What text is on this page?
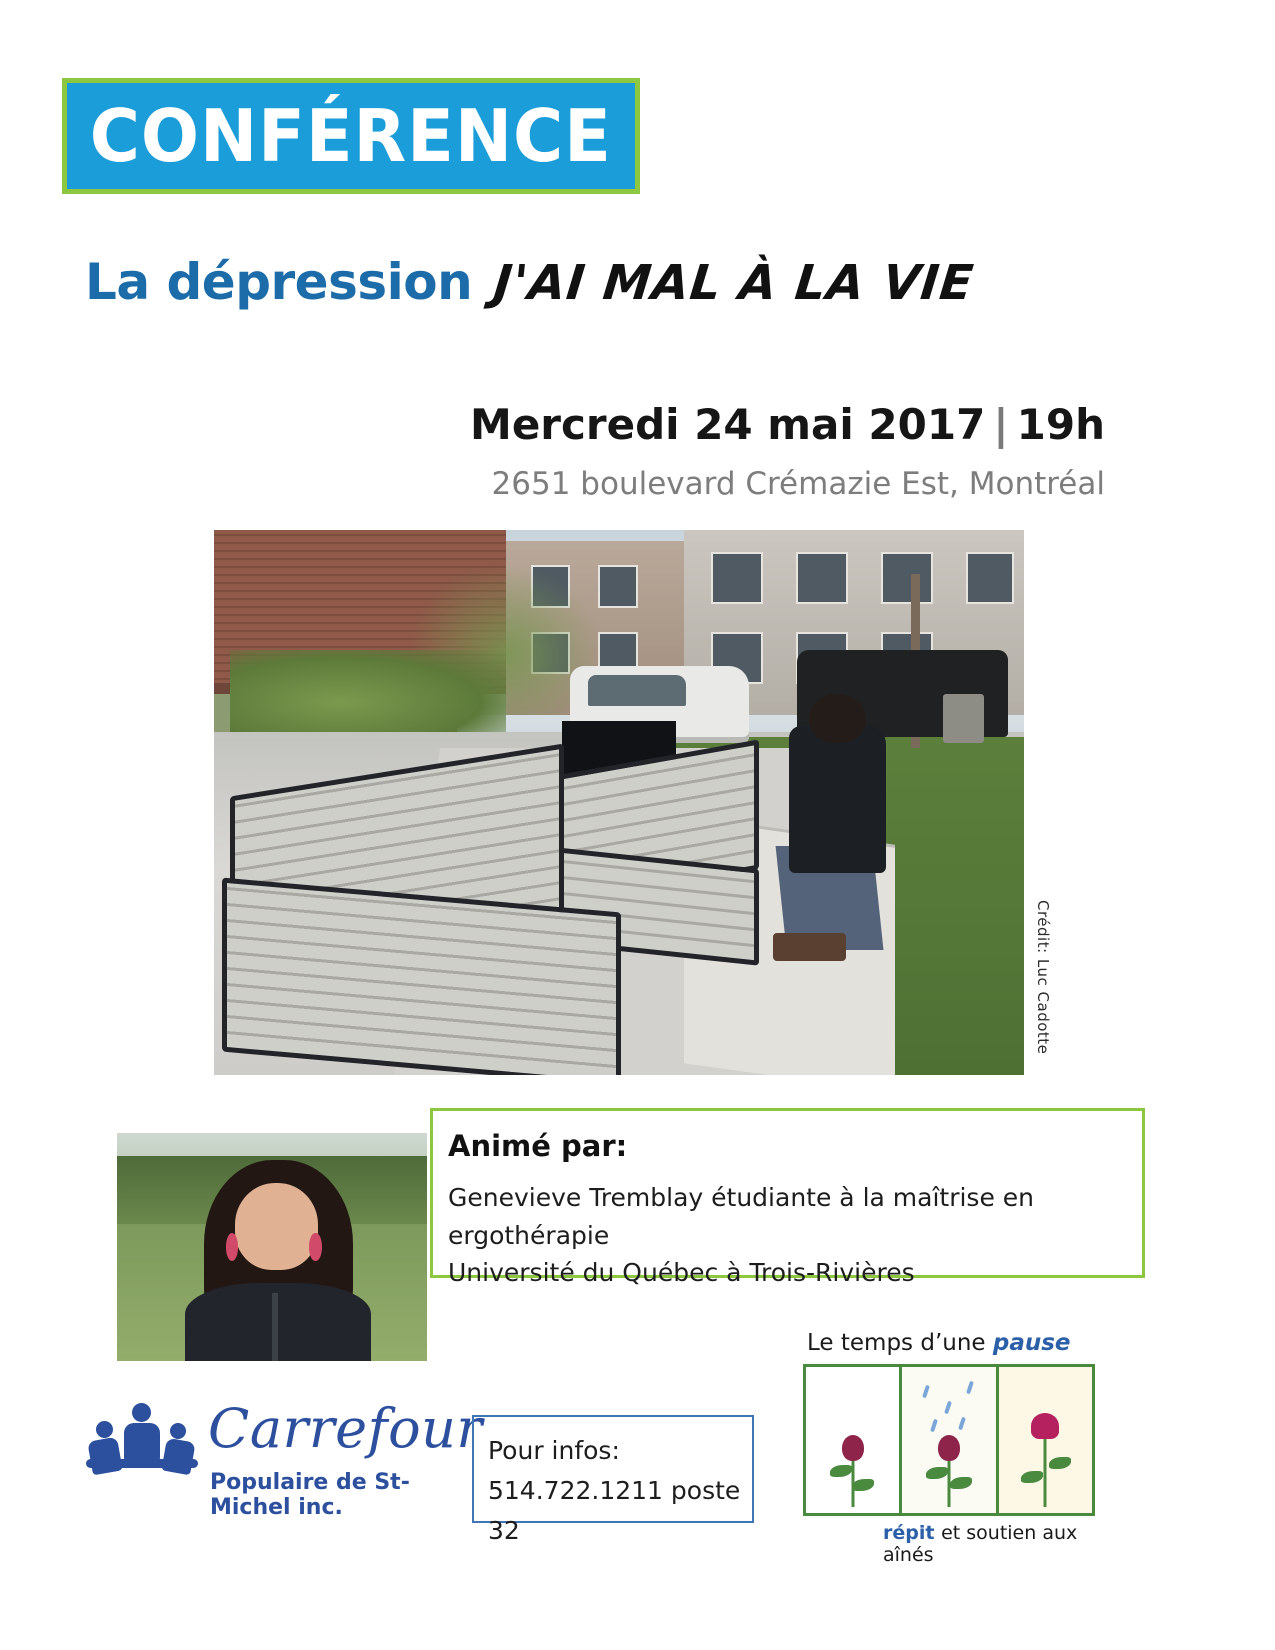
CONFÉRENCE
La dépression J'AI MAL À LA VIE
Mercredi 24 mai 2017 | 19h
2651 boulevard Crémazie Est, Montréal
Crédit: Luc Cadotte
Animé par:
Genevieve Tremblay étudiante à la maîtrise en ergothérapie
Université du Québec à Trois-Rivières
Carrefour
Populaire de St-Michel inc.
Pour infos:
514.722.1211 poste 32
Le temps d’une pause
répit et soutien aux aînés
